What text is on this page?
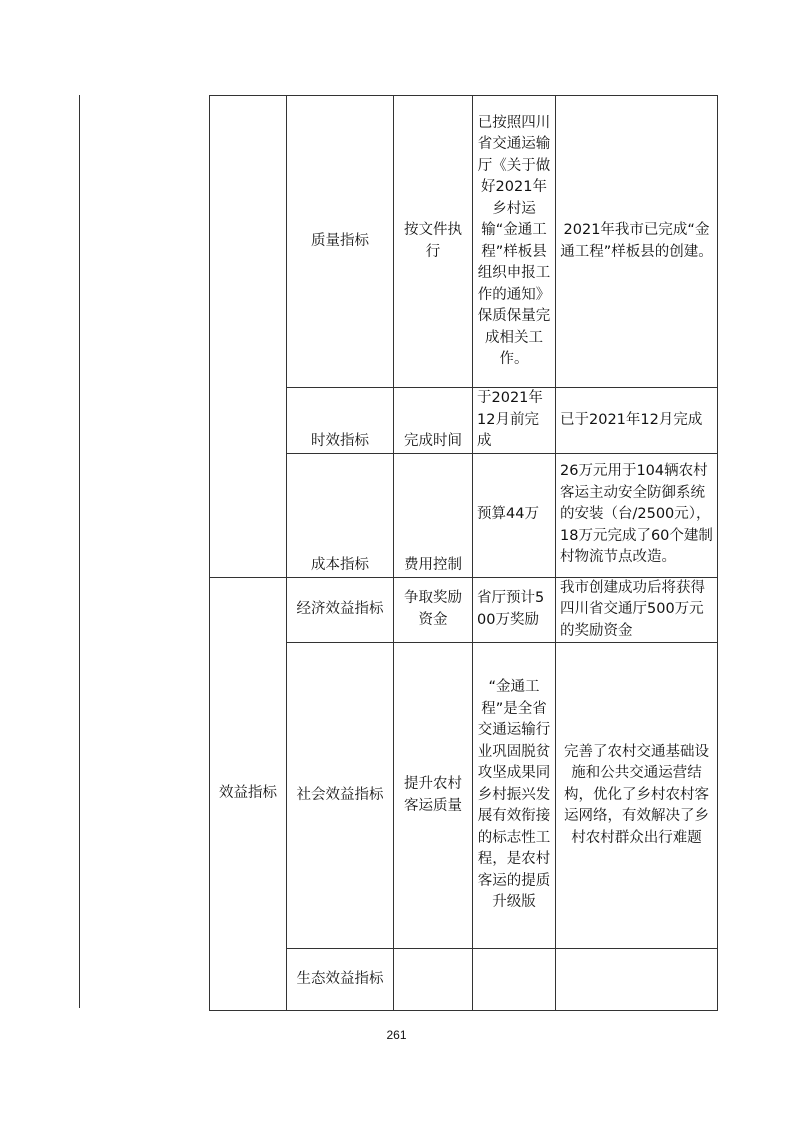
	质量指标	按文件执行	已按照四川省交通运输厅《关于做好2021年乡村运输“金通工程”样板县组织申报工作的通知》保质保量完成相关工作。	2021年我市已完成“金通工程”样板县的创建。
	时效指标	完成时间	于2021年12月前完成	已于2021年12月完成
	成本指标	费用控制	预算44万	26万元用于104辆农村客运主动安全防御系统的安装（台/2500元），18万元完成了60个建制村物流节点改造。
效益指标	经济效益指标	争取奖励资金	省厅预计500万奖励	我市创建成功后将获得四川省交通厅500万元的奖励资金
	社会效益指标	提升农村客运质量	“金通工程”是全省交通运输行业巩固脱贫攻坚成果同乡村振兴发展有效衔接的标志性工程，是农村客运的提质升级版	完善了农村交通基础设施和公共交通运营结构，优化了乡村农村客运网络，有效解决了乡村农村群众出行难题
	生态效益指标			
261
